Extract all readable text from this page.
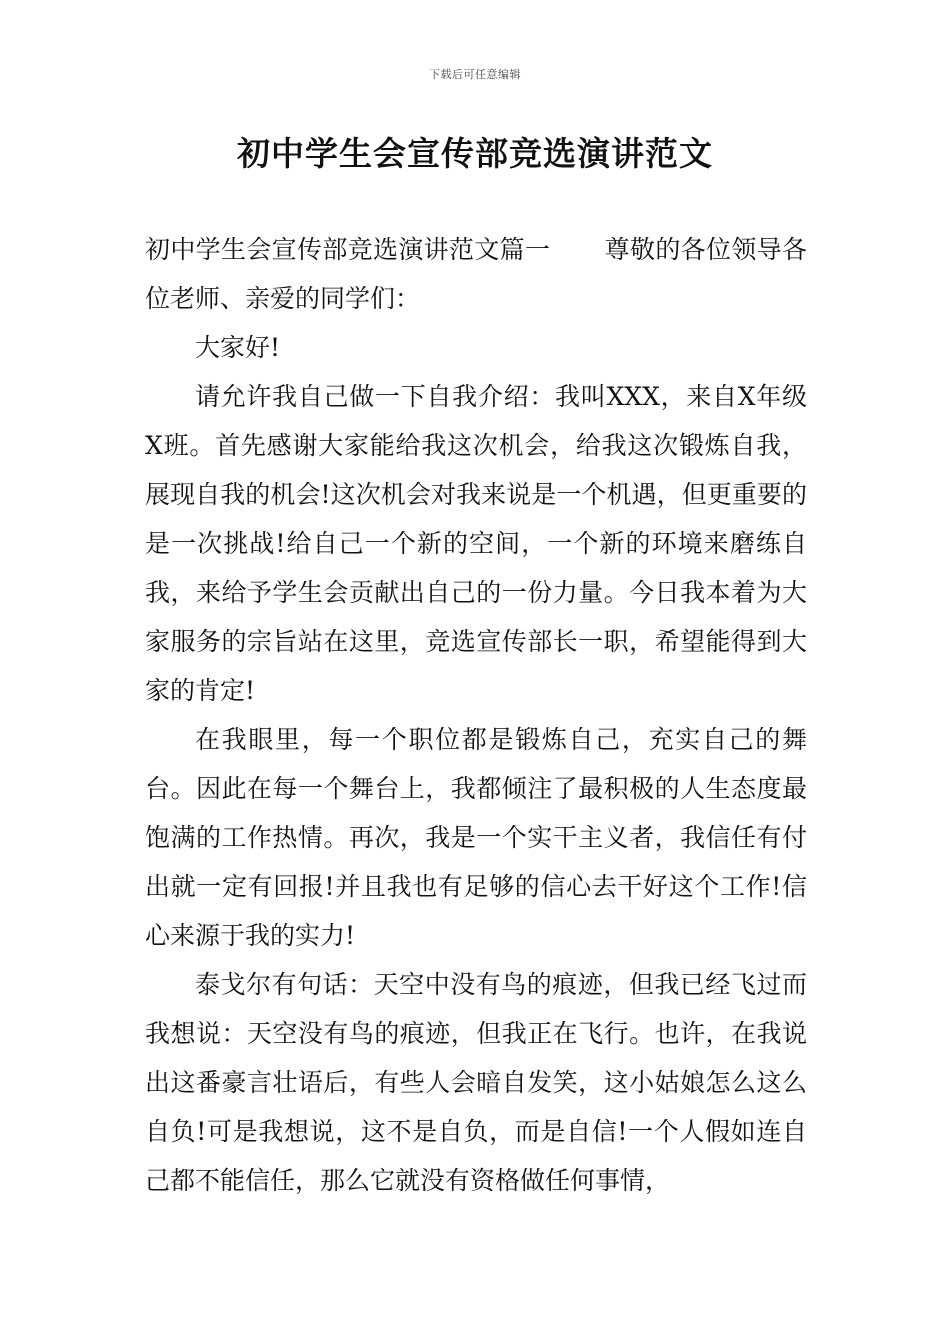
下载后可任意编辑
初中学生会宣传部竞选演讲范文

初中学生会宣传部竞选演讲范文篇一 尊敬的各位领导各位老师、亲爱的同学们：

大家好!

请允许我自己做一下自我介绍：我叫XXX，来自X年级X班。首先感谢大家能给我这次机会，给我这次锻炼自我，展现自我的机会!这次机会对我来说是一个机遇，但更重要的是一次挑战!给自己一个新的空间，一个新的环境来磨练自我，来给予学生会贡献出自己的一份力量。今日我本着为大家服务的宗旨站在这里，竞选宣传部长一职，希望能得到大家的肯定!

在我眼里，每一个职位都是锻炼自己，充实自己的舞台。因此在每一个舞台上，我都倾注了最积极的人生态度最饱满的工作热情。再次，我是一个实干主义者，我信任有付出就一定有回报!并且我也有足够的信心去干好这个工作!信心来源于我的实力!

泰戈尔有句话：天空中没有鸟的痕迹，但我已经飞过而我想说：天空没有鸟的痕迹，但我正在飞行。也许，在我说出这番豪言壮语后，有些人会暗自发笑，这小姑娘怎么这么自负!可是我想说，这不是自负，而是自信!一个人假如连自己都不能信任，那么它就没有资格做任何事情，
